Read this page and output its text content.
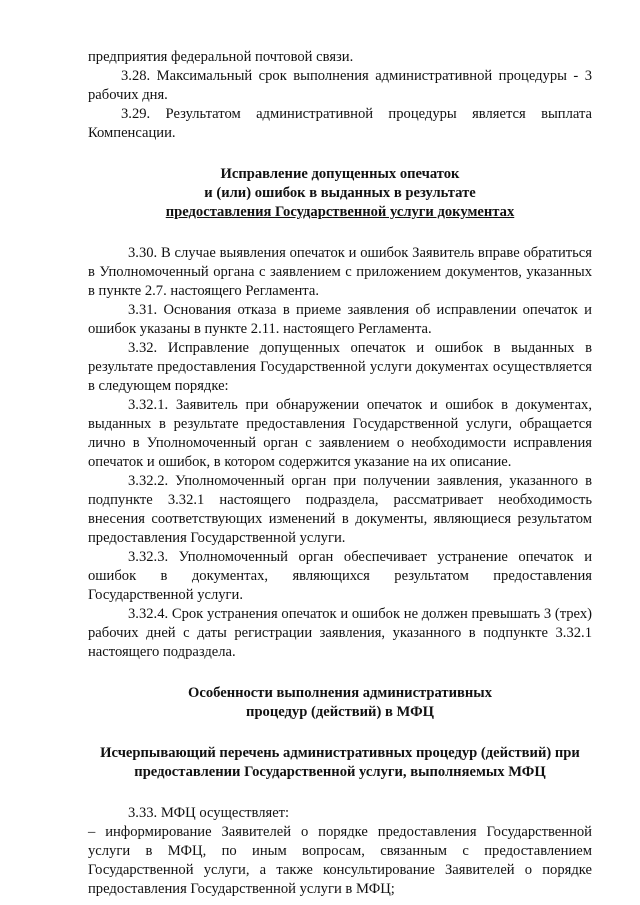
предприятия федеральной почтовой связи.

3.28. Максимальный срок выполнения административной процедуры - 3 рабочих дня.

3.29. Результатом административной процедуры является выплата Компенсации.

Исправление допущенных опечаток
и (или) ошибок в выданных в результате
предоставления Государственной услуги документах

3.30. В случае выявления опечаток и ошибок Заявитель вправе обратиться в Уполномоченный органа с заявлением с приложением документов, указанных в пункте 2.7. настоящего Регламента.

3.31. Основания отказа в приеме заявления об исправлении опечаток и ошибок указаны в пункте 2.11. настоящего Регламента.

3.32. Исправление допущенных опечаток и ошибок в выданных в результате предоставления Государственной услуги документах осуществляется в следующем порядке:

3.32.1. Заявитель при обнаружении опечаток и ошибок в документах, выданных в результате предоставления Государственной услуги, обращается лично в Уполномоченный орган с заявлением о необходимости исправления опечаток и ошибок, в котором содержится указание на их описание.

3.32.2. Уполномоченный орган при получении заявления, указанного в подпункте 3.32.1 настоящего подраздела, рассматривает необходимость внесения соответствующих изменений в документы, являющиеся результатом предоставления Государственной услуги.

3.32.3. Уполномоченный орган обеспечивает устранение опечаток и ошибок в документах, являющихся результатом предоставления Государственной услуги.

3.32.4. Срок устранения опечаток и ошибок не должен превышать 3 (трех) рабочих дней с даты регистрации заявления, указанного в подпункте 3.32.1 настоящего подраздела.

Особенности выполнения административных
процедур (действий) в МФЦ
Исчерпывающий перечень административных процедур (действий) при
предоставлении Государственной услуги, выполняемых МФЦ

3.33. МФЦ осуществляет:

– информирование Заявителей о порядке предоставления Государственной услуги в МФЦ, по иным вопросам, связанным с предоставлением Государственной услуги, а также консультирование Заявителей о порядке предоставления Государственной услуги в МФЦ;
